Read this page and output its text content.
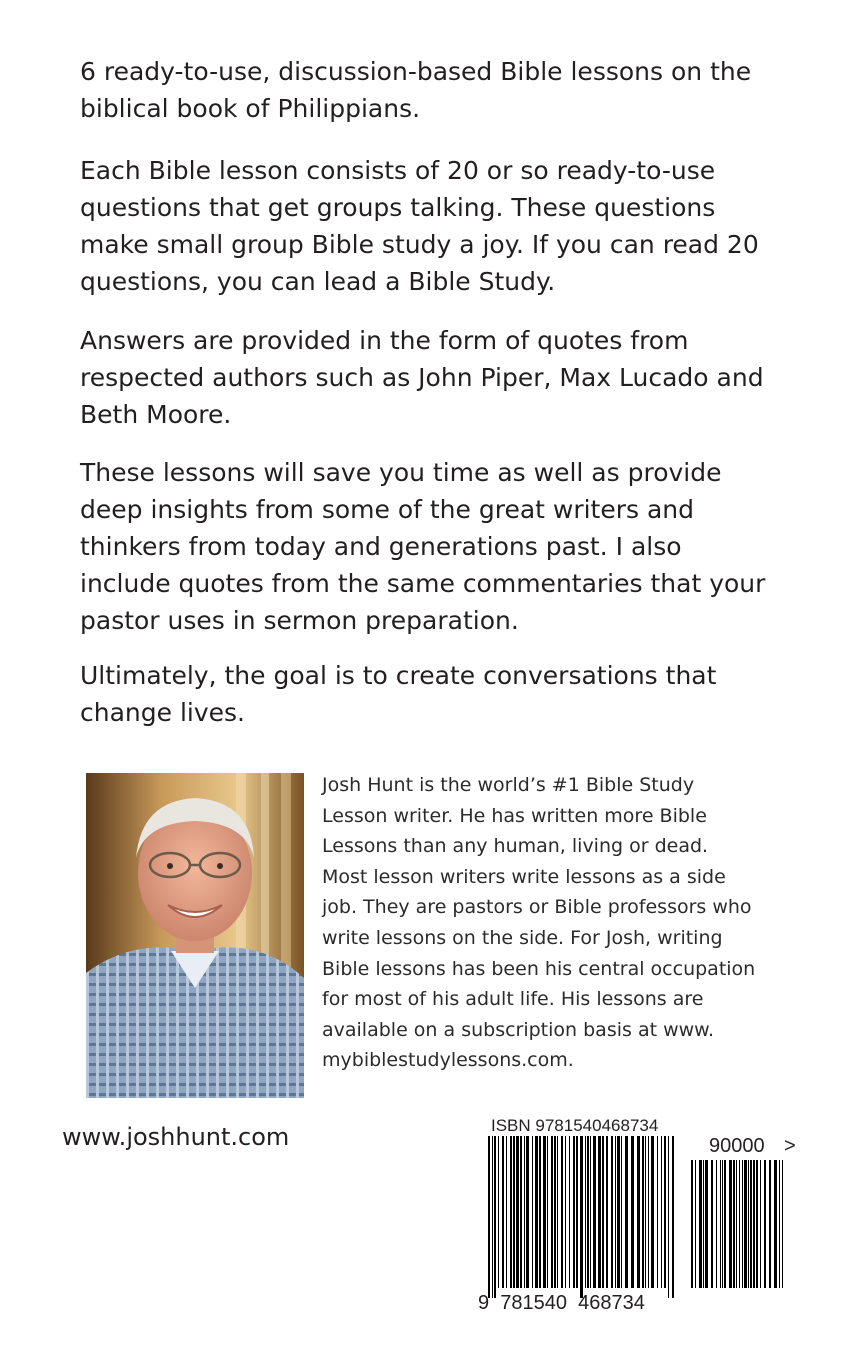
6 ready-to-use, discussion-based Bible lessons on the
biblical book of Philippians.

Each Bible lesson consists of 20 or so ready-to-use
questions that get groups talking. These questions
make small group Bible study a joy. If you can read 20
questions, you can lead a Bible Study.

Answers are provided in the form of quotes from
respected authors such as John Piper, Max Lucado and
Beth Moore.

These lessons will save you time as well as provide
deep insights from some of the great writers and
thinkers from today and generations past. I also
include quotes from the same commentaries that your
pastor uses in sermon preparation.

Ultimately, the goal is to create conversations that
change lives.

Josh Hunt is the world’s #1 Bible Study
Lesson writer. He has written more Bible
Lessons than any human, living or dead.
Most lesson writers write lessons as a side
job. They are pastors or Bible professors who
write lessons on the side. For Josh, writing
Bible lessons has been his central occupation
for most of his adult life. His lessons are
available on a subscription basis at www.
mybiblestudylessons.com.

www.joshhunt.com	ISBN 9781540468734
90000 >
9  781540  468734
